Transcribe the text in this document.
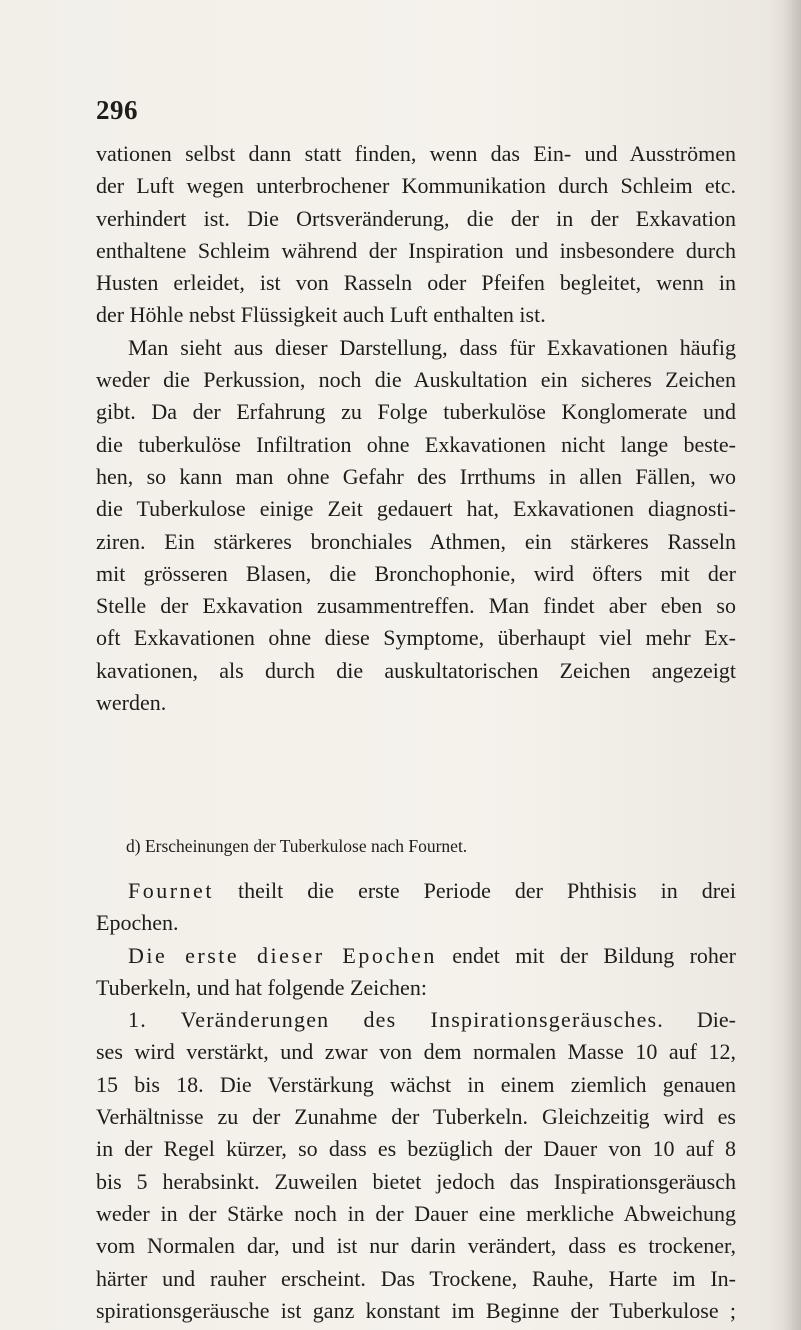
296
vationen selbst dann statt finden, wenn das Ein- und Ausströmen
der Luft wegen unterbrochener Kommunikation durch Schleim etc.
verhindert ist. Die Ortsveränderung, die der in der Exkavation
enthaltene Schleim während der Inspiration und insbesondere durch
Husten erleidet, ist von Rasseln oder Pfeifen begleitet, wenn in
der Höhle nebst Flüssigkeit auch Luft enthalten ist.
Man sieht aus dieser Darstellung, dass für Exkavationen häufig
weder die Perkussion, noch die Auskultation ein sicheres Zeichen
gibt. Da der Erfahrung zu Folge tuberkulöse Konglomerate und
die tuberkulöse Infiltration ohne Exkavationen nicht lange beste-
hen, so kann man ohne Gefahr des Irrthums in allen Fällen, wo
die Tuberkulose einige Zeit gedauert hat, Exkavationen diagnosti-
ziren. Ein stärkeres bronchiales Athmen, ein stärkeres Rasseln
mit grösseren Blasen, die Bronchophonie, wird öfters mit der
Stelle der Exkavation zusammentreffen. Man findet aber eben so
oft Exkavationen ohne diese Symptome, überhaupt viel mehr Ex-
kavationen, als durch die auskultatorischen Zeichen angezeigt
werden.
d) Erscheinungen der Tuberkulose nach Fournet.
Fournet theilt die erste Periode der Phthisis in drei
Epochen.
Die erste dieser Epochen endet mit der Bildung roher
Tuberkeln, und hat folgende Zeichen:
1. Veränderungen des Inspirationsgeräusches. Die-
ses wird verstärkt, und zwar von dem normalen Masse 10 auf 12,
15 bis 18. Die Verstärkung wächst in einem ziemlich genauen
Verhältnisse zu der Zunahme der Tuberkeln. Gleichzeitig wird es
in der Regel kürzer, so dass es bezüglich der Dauer von 10 auf 8
bis 5 herabsinkt. Zuweilen bietet jedoch das Inspirationsgeräusch
weder in der Stärke noch in der Dauer eine merkliche Abweichung
vom Normalen dar, und ist nur darin verändert, dass es trockener,
härter und rauher erscheint. Das Trockene, Rauhe, Harte im In-
spirationsgeräusche ist ganz konstant im Beginne der Tuberkulose ;
